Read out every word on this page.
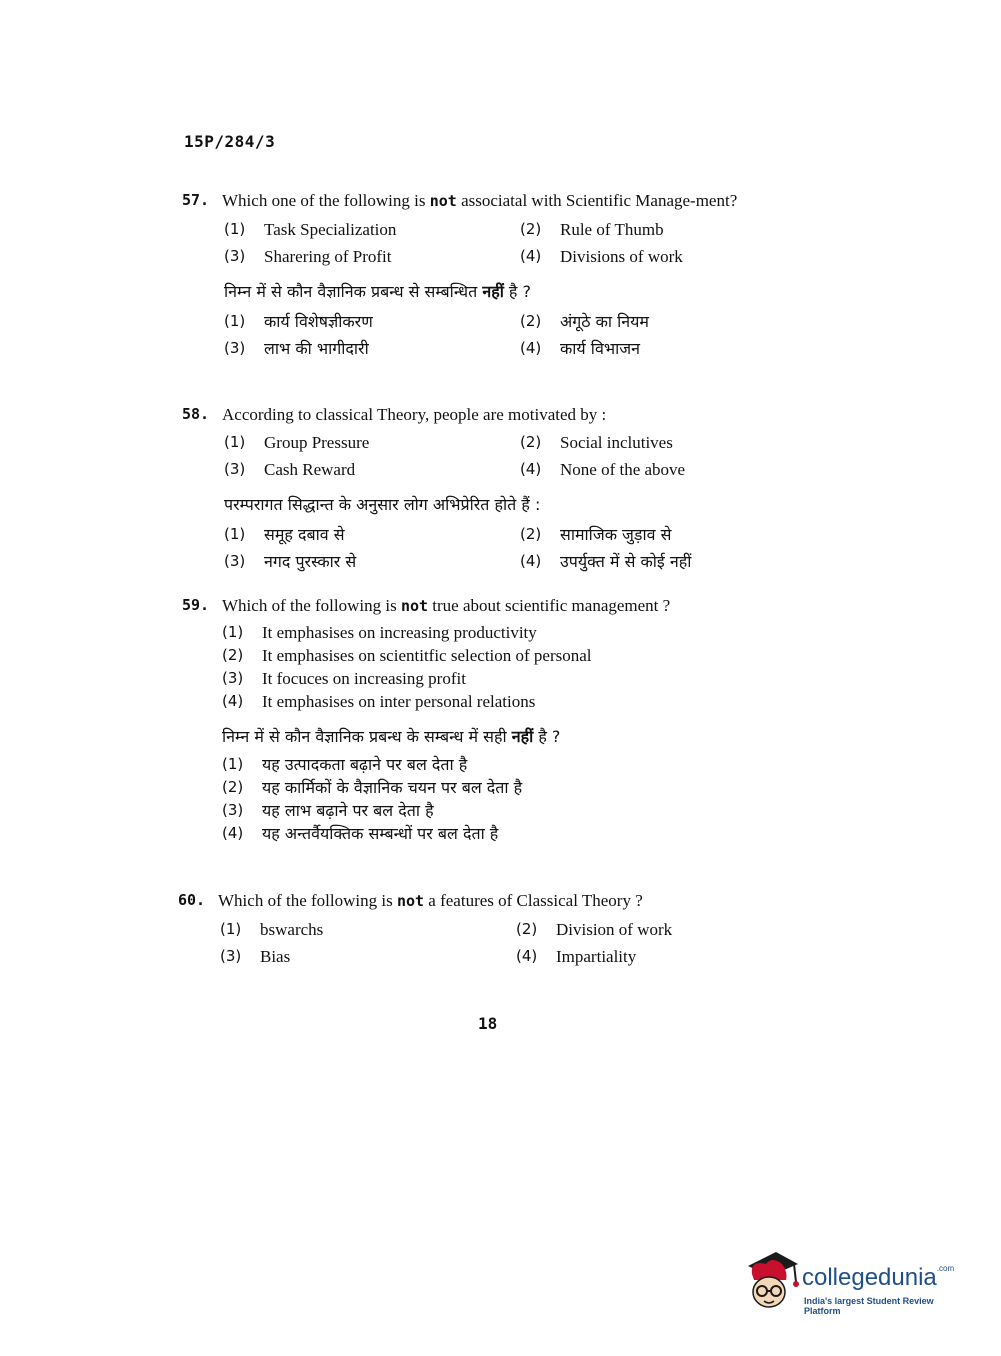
15P/284/3
57. Which one of the following is not associatal with Scientific Manage-ment?
(1)	Task Specialization	(2)	Rule of Thumb
(3)	Sharering of Profit	(4)	Divisions of work
निम्न में से कौन वैज्ञानिक प्रबन्ध से सम्बन्धित नहीं है ?
(1)	कार्य विशेषज्ञीकरण	(2)	अंगूठे का नियम
(3)	लाभ की भागीदारी	(4)	कार्य विभाजन
58. According to classical Theory, people are motivated by :
(1)	Group Pressure	(2)	Social inclutives
(3)	Cash Reward	(4)	None of the above
परम्परागत सिद्धान्त के अनुसार लोग अभिप्रेरित होते हैं :
(1)	समूह दबाव से	(2)	सामाजिक जुड़ाव से
(3)	नगद पुरस्कार से	(4)	उपर्युक्त में से कोई नहीं
59. Which of the following is not true about scientific management ?
(1)	It emphasises on increasing productivity
(2)	It emphasises on scientitfic selection of personal
(3)	It focuces on increasing profit
(4)	It emphasises on inter personal relations
निम्न में से कौन वैज्ञानिक प्रबन्ध के सम्बन्ध में सही नहीं है ?
(1)	यह उत्पादकता बढ़ाने पर बल देता है
(2)	यह कार्मिकों के वैज्ञानिक चयन पर बल देता है
(3)	यह लाभ बढ़ाने पर बल देता है
(4)	यह अन्तर्वैयक्तिक सम्बन्धों पर बल देता है
60. Which of the following is not a features of Classical Theory ?
(1)	bswarchs	(2)	Division of work
(3)	Bias	(4)	Impartiality
18
collegedunia$^{.com}$
India's largest Student Review Platform
